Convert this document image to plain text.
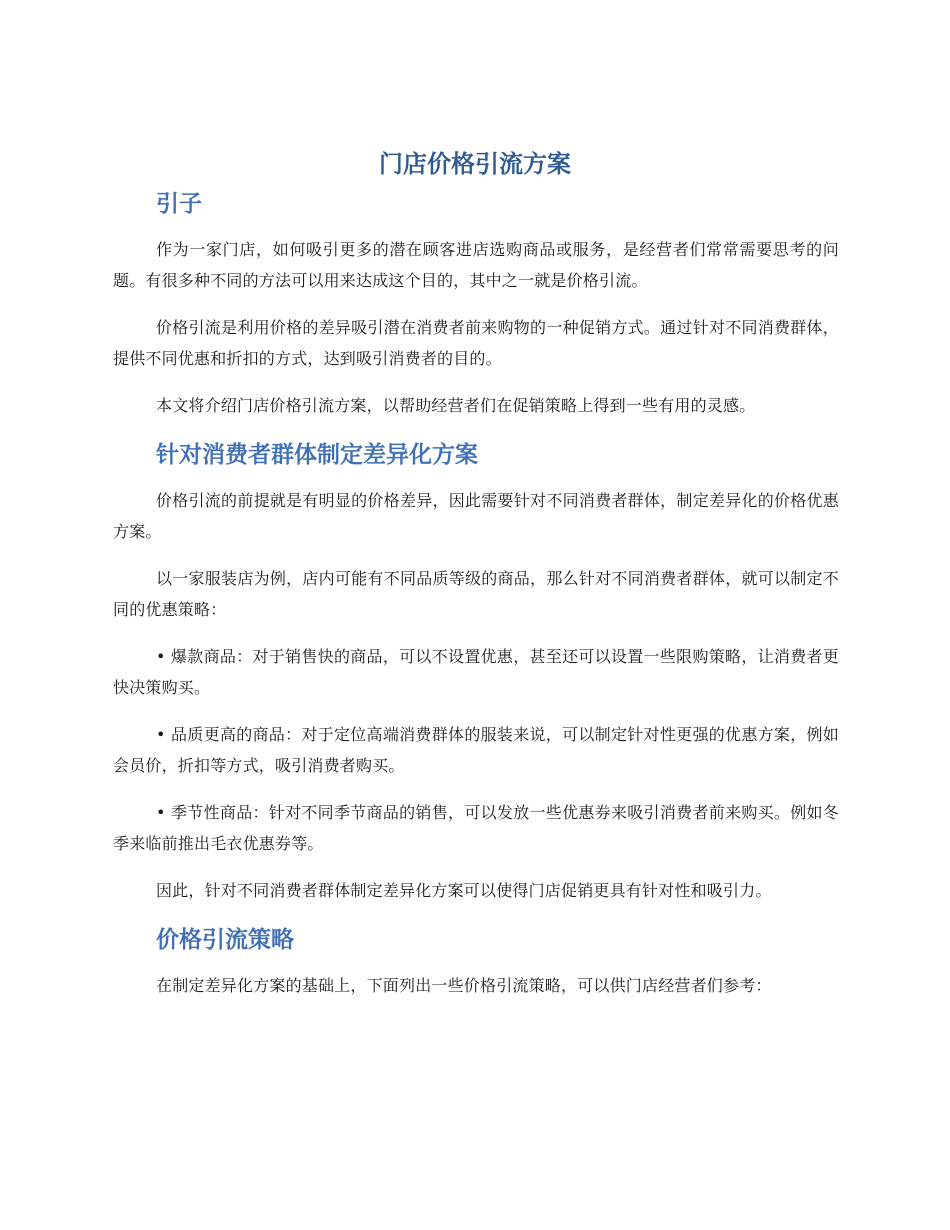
门店价格引流方案
引子

作为一家门店，如何吸引更多的潜在顾客进店选购商品或服务，是经营者们常常需要思考的问题。有很多种不同的方法可以用来达成这个目的，其中之一就是价格引流。

价格引流是利用价格的差异吸引潜在消费者前来购物的一种促销方式。通过针对不同消费群体，提供不同优惠和折扣的方式，达到吸引消费者的目的。

本文将介绍门店价格引流方案，以帮助经营者们在促销策略上得到一些有用的灵感。

针对消费者群体制定差异化方案

价格引流的前提就是有明显的价格差异，因此需要针对不同消费者群体，制定差异化的价格优惠方案。

以一家服装店为例，店内可能有不同品质等级的商品，那么针对不同消费者群体，就可以制定不同的优惠策略：

• 爆款商品：对于销售快的商品，可以不设置优惠，甚至还可以设置一些限购策略，让消费者更快决策购买。

• 品质更高的商品：对于定位高端消费群体的服装来说，可以制定针对性更强的优惠方案，例如会员价，折扣等方式，吸引消费者购买。

• 季节性商品：针对不同季节商品的销售，可以发放一些优惠券来吸引消费者前来购买。例如冬季来临前推出毛衣优惠券等。

因此，针对不同消费者群体制定差异化方案可以使得门店促销更具有针对性和吸引力。

价格引流策略

在制定差异化方案的基础上，下面列出一些价格引流策略，可以供门店经营者们参考：
